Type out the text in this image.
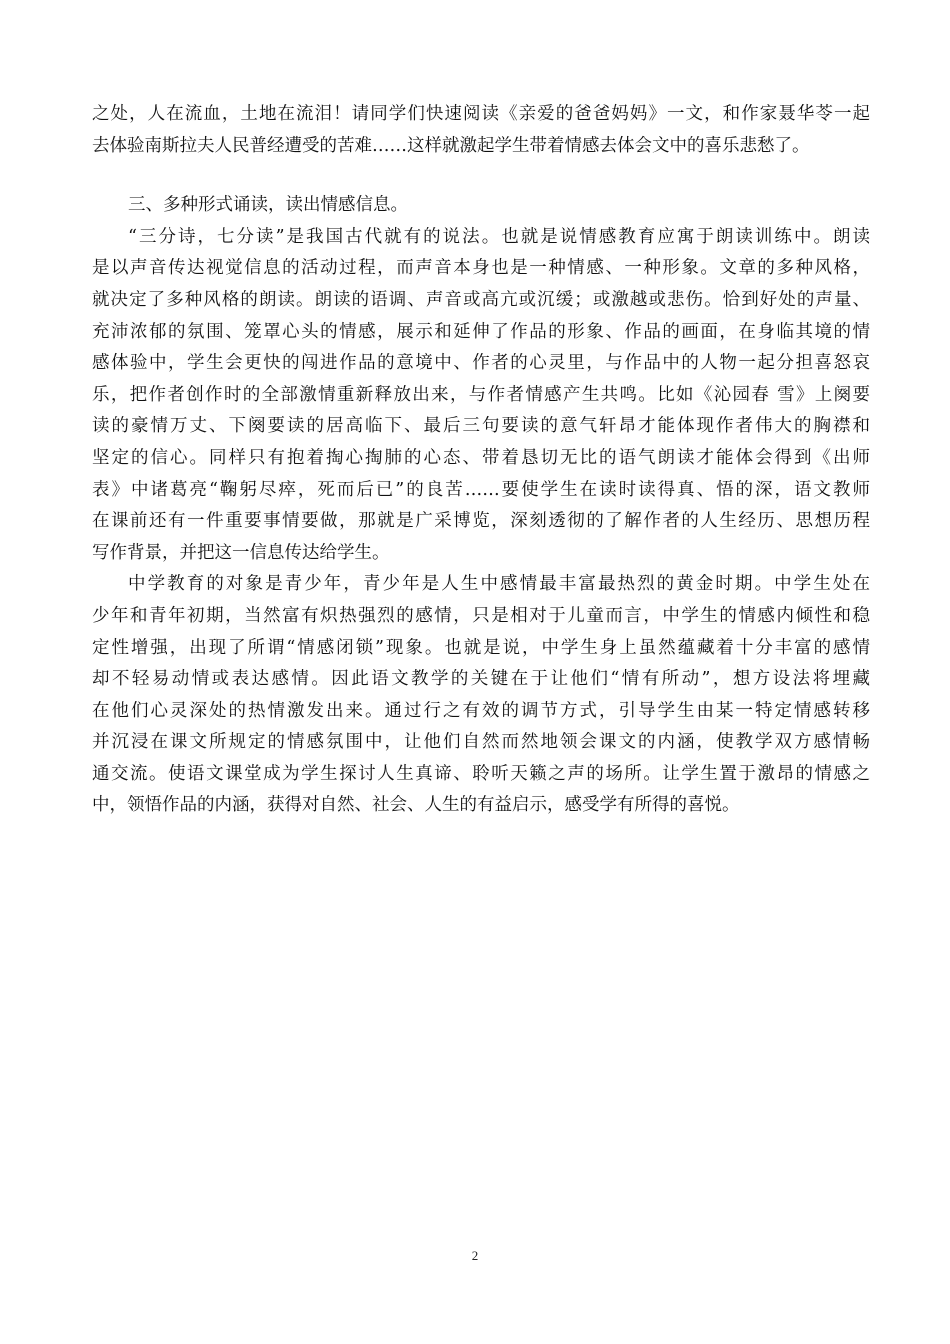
之处，人在流血，土地在流泪！请同学们快速阅读《亲爱的爸爸妈妈》一文，和作家聂华苓一起
去体验南斯拉夫人民普经遭受的苦难……这样就激起学生带着情感去体会文中的喜乐悲愁了。
三、多种形式诵读，读出情感信息。
“三分诗，七分读”是我国古代就有的说法。也就是说情感教育应寓于朗读训练中。朗读
是以声音传达视觉信息的活动过程，而声音本身也是一种情感、一种形象。文章的多种风格，
就决定了多种风格的朗读。朗读的语调、声音或高亢或沉缓；或激越或悲伤。恰到好处的声量、
充沛浓郁的氛围、笼罩心头的情感，展示和延伸了作品的形象、作品的画面，在身临其境的情
感体验中，学生会更快的闯进作品的意境中、作者的心灵里，与作品中的人物一起分担喜怒哀
乐，把作者创作时的全部激情重新释放出来，与作者情感产生共鸣。比如《沁园春 雪》上阕要
读的豪情万丈、下阕要读的居高临下、最后三句要读的意气轩昂才能体现作者伟大的胸襟和
坚定的信心。同样只有抱着掏心掏肺的心态、带着恳切无比的语气朗读才能体会得到《出师
表》中诸葛亮“鞠躬尽瘁，死而后已”的良苦……要使学生在读时读得真、悟的深，语文教师
在课前还有一件重要事情要做，那就是广采博览，深刻透彻的了解作者的人生经历、思想历程
写作背景，并把这一信息传达给学生。
中学教育的对象是青少年，青少年是人生中感情最丰富最热烈的黄金时期。中学生处在
少年和青年初期，当然富有炽热强烈的感情，只是相对于儿童而言，中学生的情感内倾性和稳
定性增强，出现了所谓“情感闭锁”现象。也就是说，中学生身上虽然蕴藏着十分丰富的感情
却不轻易动情或表达感情。因此语文教学的关键在于让他们“情有所动”，想方设法将埋藏
在他们心灵深处的热情激发出来。通过行之有效的调节方式，引导学生由某一特定情感转移
并沉浸在课文所规定的情感氛围中，让他们自然而然地领会课文的内涵，使教学双方感情畅
通交流。使语文课堂成为学生探讨人生真谛、聆听天籁之声的场所。让学生置于激昂的情感之
中，领悟作品的内涵，获得对自然、社会、人生的有益启示，感受学有所得的喜悦。
2
